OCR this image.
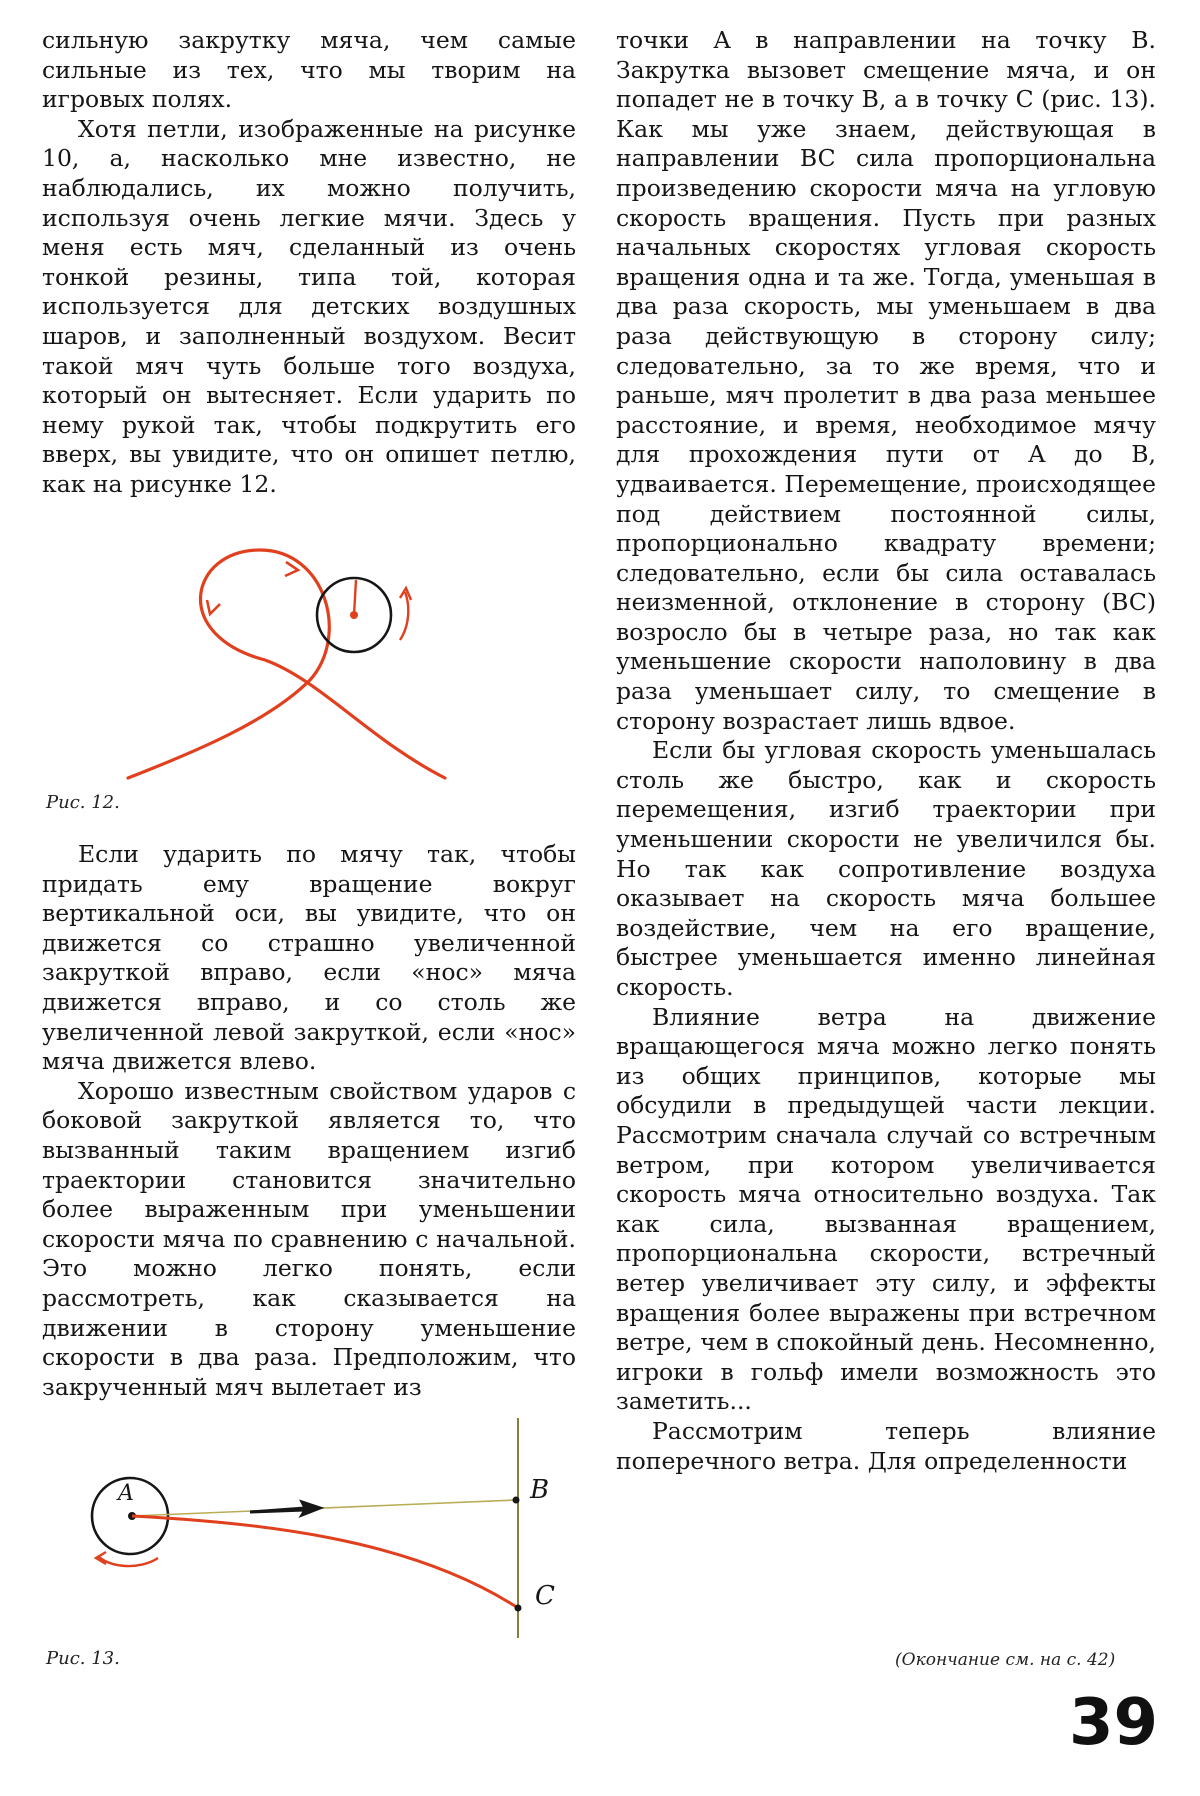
сильную закрутку мяча, чем самые сильные из тех, что мы творим на игровых полях.

Хотя петли, изображенные на рисунке 10, а, насколько мне известно, не наблюдались, их можно получить, используя очень легкие мячи. Здесь у меня есть мяч, сделанный из очень тонкой резины, типа той, которая используется для детских воздушных шаров, и заполненный воздухом. Весит такой мяч чуть больше того воздуха, который он вытесняет. Если ударить по нему рукой так, чтобы подкрутить его вверх, вы увидите, что он опишет петлю, как на рисунке 12.

Рис. 12.

Если ударить по мячу так, чтобы придать ему вращение вокруг вертикальной оси, вы увидите, что он движется со страшно увеличенной закруткой вправо, если «нос» мяча движется вправо, и со столь же увеличенной левой закруткой, если «нос» мяча движется влево.

Хорошо известным свойством ударов с боковой закруткой является то, что вызванный таким вращением изгиб траектории становится значительно более выраженным при уменьшении скорости мяча по сравнению с начальной. Это можно легко понять, если рассмотреть, как сказывается на движении в сторону уменьшение скорости в два раза. Предположим, что закрученный мяч вылетает из

A	B
C
Рис. 13.

точки A в направлении на точку B. Закрутка вызовет смещение мяча, и он попадет не в точку B, а в точку C (рис. 13). Как мы уже знаем, действующая в направлении BC сила пропорциональна произведению скорости мяча на угловую скорость вращения. Пусть при разных начальных скоростях угловая скорость вращения одна и та же. Тогда, уменьшая в два раза скорость, мы уменьшаем в два раза действующую в сторону силу; следовательно, за то же время, что и раньше, мяч пролетит в два раза меньшее расстояние, и время, необходимое мячу для прохождения пути от A до B, удваивается. Перемещение, происходящее под действием постоянной силы, пропорционально квадрату времени; следовательно, если бы сила оставалась неизменной, отклонение в сторону (BC) возросло бы в четыре раза, но так как уменьшение скорости наполовину в два раза уменьшает силу, то смещение в сторону возрастает лишь вдвое.

Если бы угловая скорость уменьшалась столь же быстро, как и скорость перемещения, изгиб траектории при уменьшении скорости не увеличился бы. Но так как сопротивление воздуха оказывает на скорость мяча большее воздействие, чем на его вращение, быстрее уменьшается именно линейная скорость.

Влияние ветра на движение вращающегося мяча можно легко понять из общих принципов, которые мы обсудили в предыдущей части лекции. Рассмотрим сначала случай со встречным ветром, при котором увеличивается скорость мяча относительно воздуха. Так как сила, вызванная вращением, пропорциональна скорости, встречный ветер увеличивает эту силу, и эффекты вращения более выражены при встречном ветре, чем в спокойный день. Несомненно, игроки в гольф имели возможность это заметить...

Рассмотрим теперь влияние поперечного ветра. Для определенности

(Окончание см. на с. 42)
39
